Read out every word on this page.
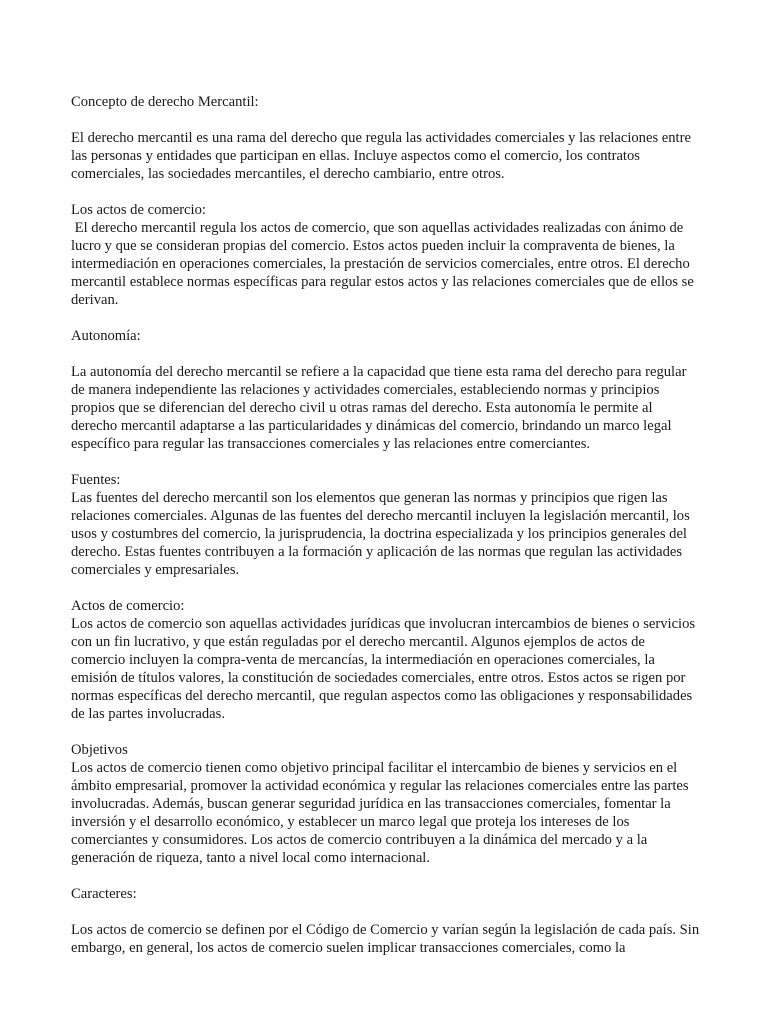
Concepto de derecho Mercantil:

El derecho mercantil es una rama del derecho que regula las actividades comerciales y las relaciones entre las personas y entidades que participan en ellas. Incluye aspectos como el comercio, los contratos comerciales, las sociedades mercantiles, el derecho cambiario, entre otros.

Los actos de comercio:

El derecho mercantil regula los actos de comercio, que son aquellas actividades realizadas con ánimo de lucro y que se consideran propias del comercio. Estos actos pueden incluir la compraventa de bienes, la intermediación en operaciones comerciales, la prestación de servicios comerciales, entre otros. El derecho mercantil establece normas específicas para regular estos actos y las relaciones comerciales que de ellos se derivan.

Autonomía:

La autonomía del derecho mercantil se refiere a la capacidad que tiene esta rama del derecho para regular de manera independiente las relaciones y actividades comerciales, estableciendo normas y principios propios que se diferencian del derecho civil u otras ramas del derecho. Esta autonomía le permite al derecho mercantil adaptarse a las particularidades y dinámicas del comercio, brindando un marco legal específico para regular las transacciones comerciales y las relaciones entre comerciantes.

Fuentes:

Las fuentes del derecho mercantil son los elementos que generan las normas y principios que rigen las relaciones comerciales. Algunas de las fuentes del derecho mercantil incluyen la legislación mercantil, los usos y costumbres del comercio, la jurisprudencia, la doctrina especializada y los principios generales del derecho. Estas fuentes contribuyen a la formación y aplicación de las normas que regulan las actividades comerciales y empresariales.

Actos de comercio:

Los actos de comercio son aquellas actividades jurídicas que involucran intercambios de bienes o servicios con un fin lucrativo, y que están reguladas por el derecho mercantil. Algunos ejemplos de actos de comercio incluyen la compra-venta de mercancías, la intermediación en operaciones comerciales, la emisión de títulos valores, la constitución de sociedades comerciales, entre otros. Estos actos se rigen por normas específicas del derecho mercantil, que regulan aspectos como las obligaciones y responsabilidades de las partes involucradas.

Objetivos

Los actos de comercio tienen como objetivo principal facilitar el intercambio de bienes y servicios en el ámbito empresarial, promover la actividad económica y regular las relaciones comerciales entre las partes involucradas. Además, buscan generar seguridad jurídica en las transacciones comerciales, fomentar la inversión y el desarrollo económico, y establecer un marco legal que proteja los intereses de los comerciantes y consumidores. Los actos de comercio contribuyen a la dinámica del mercado y a la generación de riqueza, tanto a nivel local como internacional.

Caracteres:

Los actos de comercio se definen por el Código de Comercio y varían según la legislación de cada país. Sin embargo, en general, los actos de comercio suelen implicar transacciones comerciales, como la
